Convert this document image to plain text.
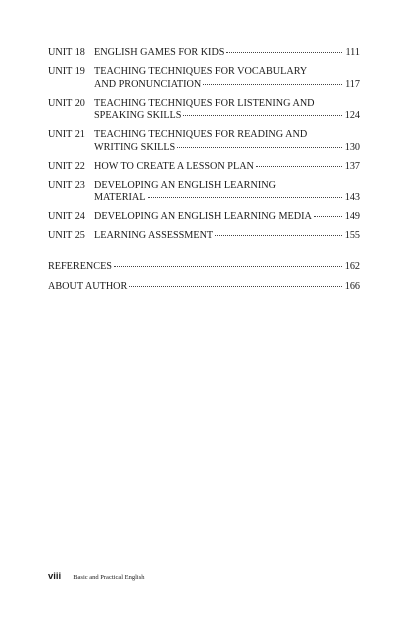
UNIT 18 ENGLISH GAMES FOR KIDS	111
UNIT 19 TEACHING TECHNIQUES FOR VOCABULARY
AND PRONUNCIATION	117
UNIT 20 TEACHING TECHNIQUES FOR LISTENING AND
SPEAKING SKILLS	124
UNIT 21 TEACHING TECHNIQUES FOR READING AND
WRITING SKILLS	130
UNIT 22 HOW TO CREATE A LESSON PLAN	137
UNIT 23 DEVELOPING AN ENGLISH LEARNING
MATERIAL	143
UNIT 24 DEVELOPING AN ENGLISH LEARNING MEDIA	149
UNIT 25 LEARNING ASSESSMENT	155
REFERENCES	162
ABOUT AUTHOR	166
viii Basic and Practical English
